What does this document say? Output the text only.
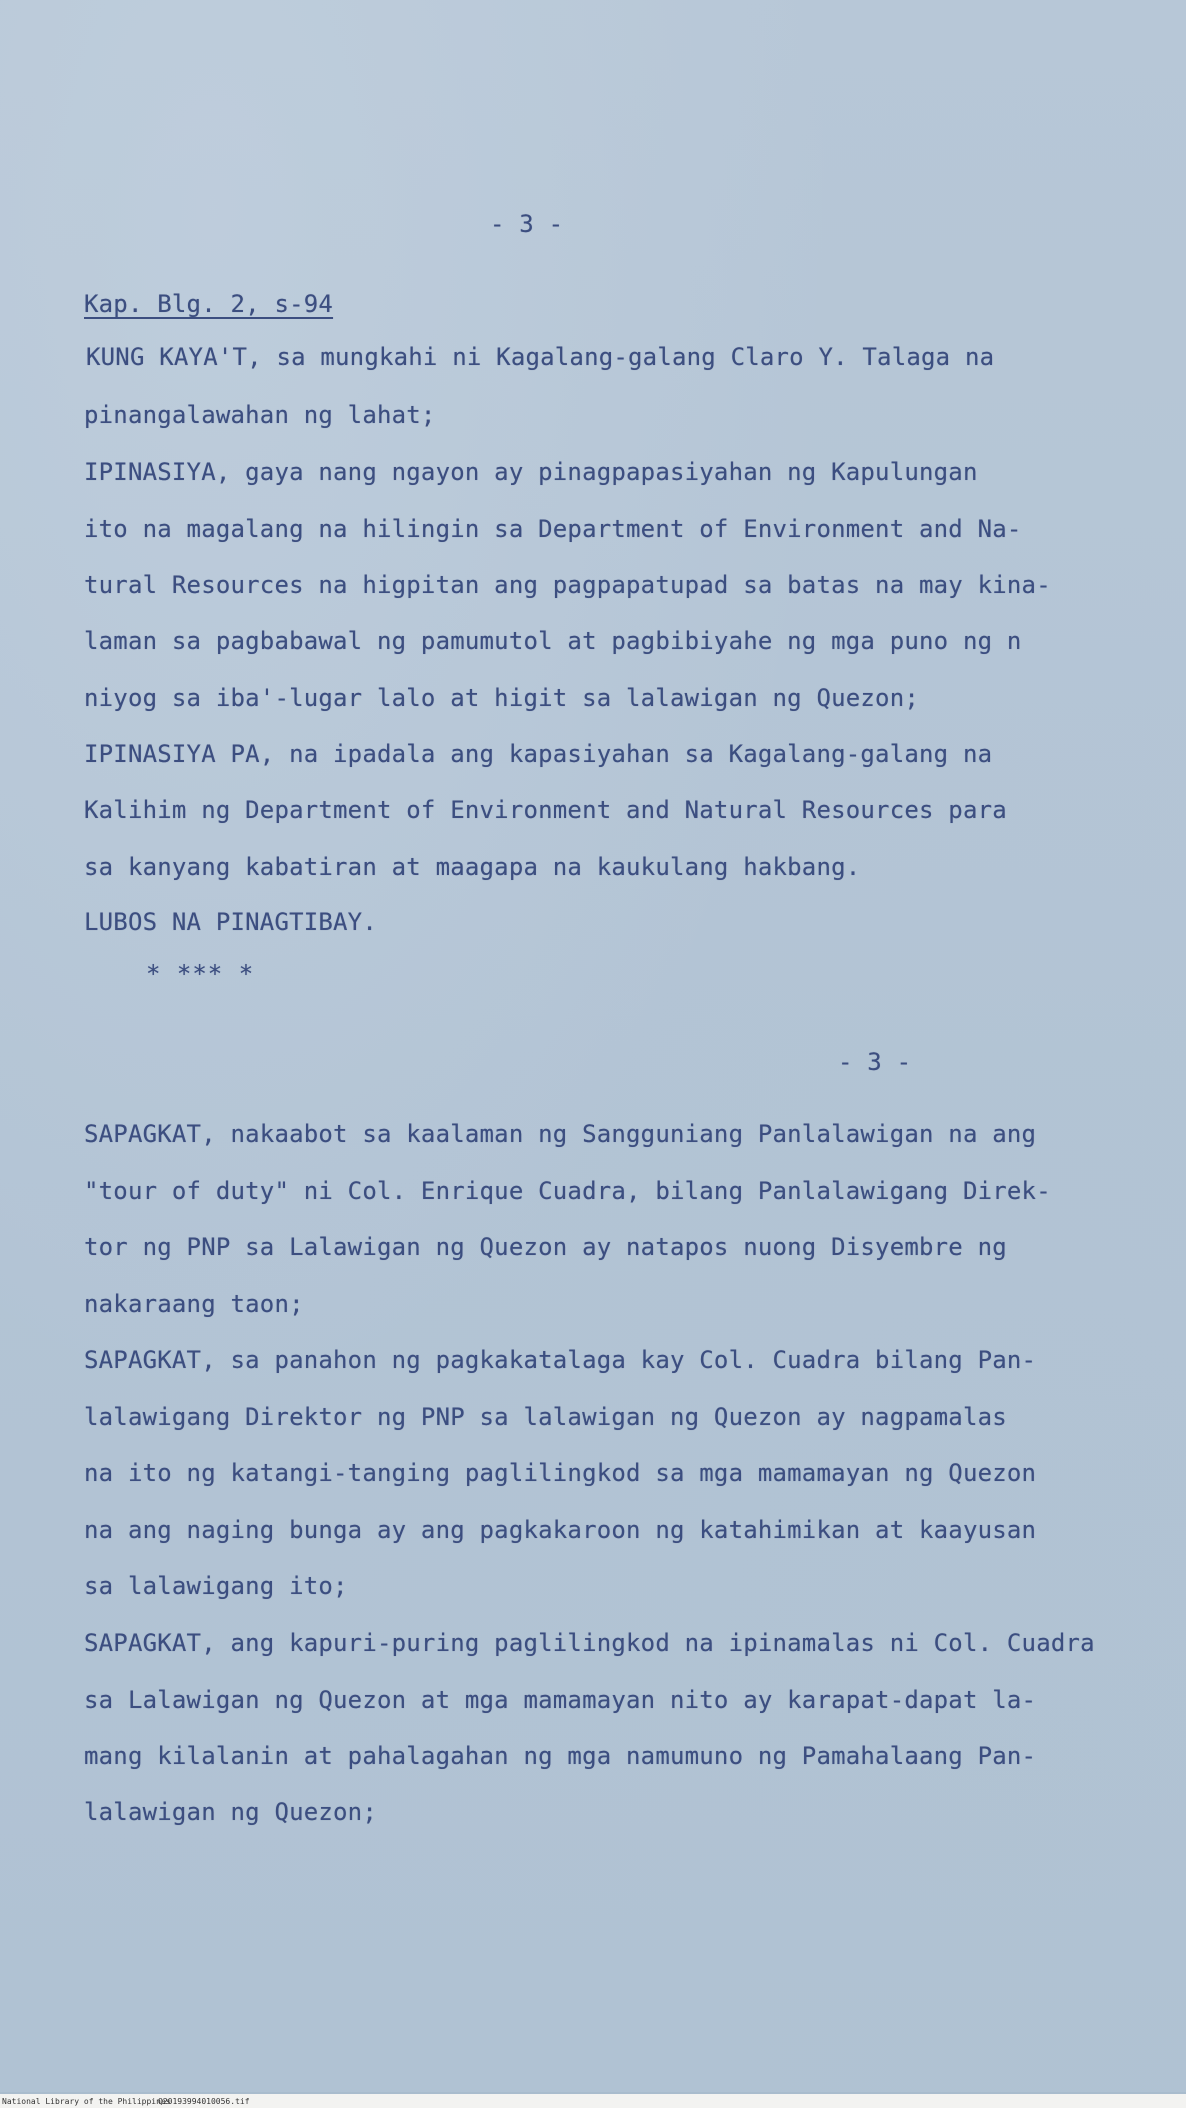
- 3 -
Kap. Blg. 2, s-94
KUNG KAYA'T, sa mungkahi ni Kagalang-galang Claro Y. Talaga na
pinangalawahan ng lahat;
IPINASIYA, gaya nang ngayon ay pinagpapasiyahan ng Kapulungan
ito na magalang na hilingin sa Department of Environment and Na-
tural Resources na higpitan ang pagpapatupad sa batas na may kina-
laman sa pagbabawal ng pamumutol at pagbibiyahe ng mga puno ng n
niyog sa iba'-lugar lalo at higit sa lalawigan ng Quezon;
IPINASIYA PA, na ipadala ang kapasiyahan sa Kagalang-galang na
Kalihim ng Department of Environment and Natural Resources para
sa kanyang kabatiran at maagapa na kaukulang hakbang.
LUBOS NA PINAGTIBAY.
* *** *
- 3 -
SAPAGKAT, nakaabot sa kaalaman ng Sangguniang Panlalawigan na ang
"tour of duty" ni Col. Enrique Cuadra, bilang Panlalawigang Direk-
tor ng PNP sa Lalawigan ng Quezon ay natapos nuong Disyembre ng
nakaraang taon;
SAPAGKAT, sa panahon ng pagkakatalaga kay Col. Cuadra bilang Pan-
lalawigang Direktor ng PNP sa lalawigan ng Quezon ay nagpamalas
na ito ng katangi-tanging paglilingkod sa mga mamamayan ng Quezon
na ang naging bunga ay ang pagkakaroon ng katahimikan at kaayusan
sa lalawigang ito;
SAPAGKAT, ang kapuri-puring paglilingkod na ipinamalas ni Col. Cuadra
sa Lalawigan ng Quezon at mga mamamayan nito ay karapat-dapat la-
mang kilalanin at pahalagahan ng mga namumuno ng Pamahalaang Pan-
lalawigan ng Quezon;
National Library of the Philippines
Q20193994010056.tif
